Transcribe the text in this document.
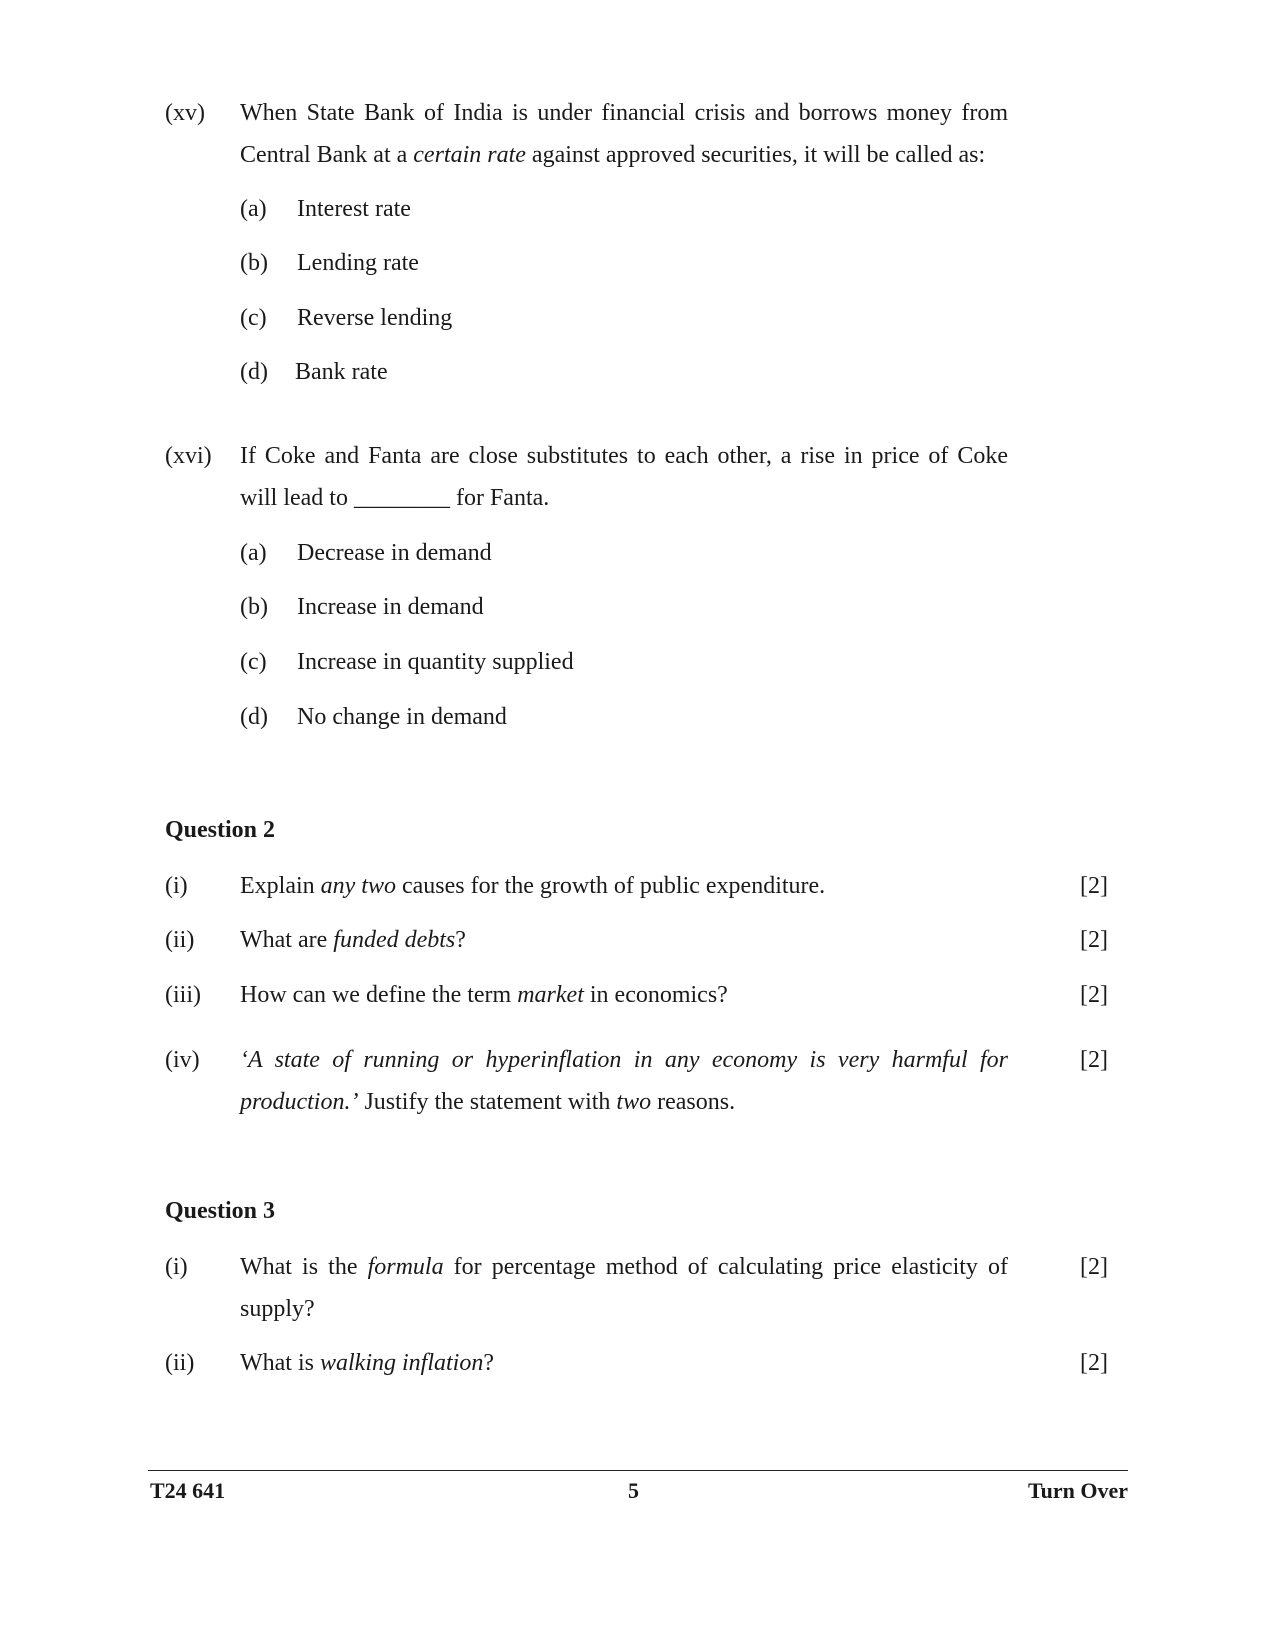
(xv) When State Bank of India is under financial crisis and borrows money from
Central Bank at a certain rate against approved securities, it will be called as:
(a) Interest rate
(b) Lending rate
(c) Reverse lending
(d) Bank rate
(xvi) If Coke and Fanta are close substitutes to each other, a rise in price of Coke
will lead to ________ for Fanta.
(a) Decrease in demand
(b) Increase in demand
(c) Increase in quantity supplied
(d) No change in demand
Question 2
(i) Explain any two causes for the growth of public expenditure.	[2]
(ii) What are funded debts?	[2]
(iii) How can we define the term market in economics?	[2]
(iv) ‘A state of running or hyperinflation in any economy is very harmful for
production.’ Justify the statement with two reasons.
[2]
Question 3
(i) What is the formula for percentage method of calculating price elasticity of
supply?
[2]
(ii) What is walking inflation?	[2]
T24 641	5	Turn Over
